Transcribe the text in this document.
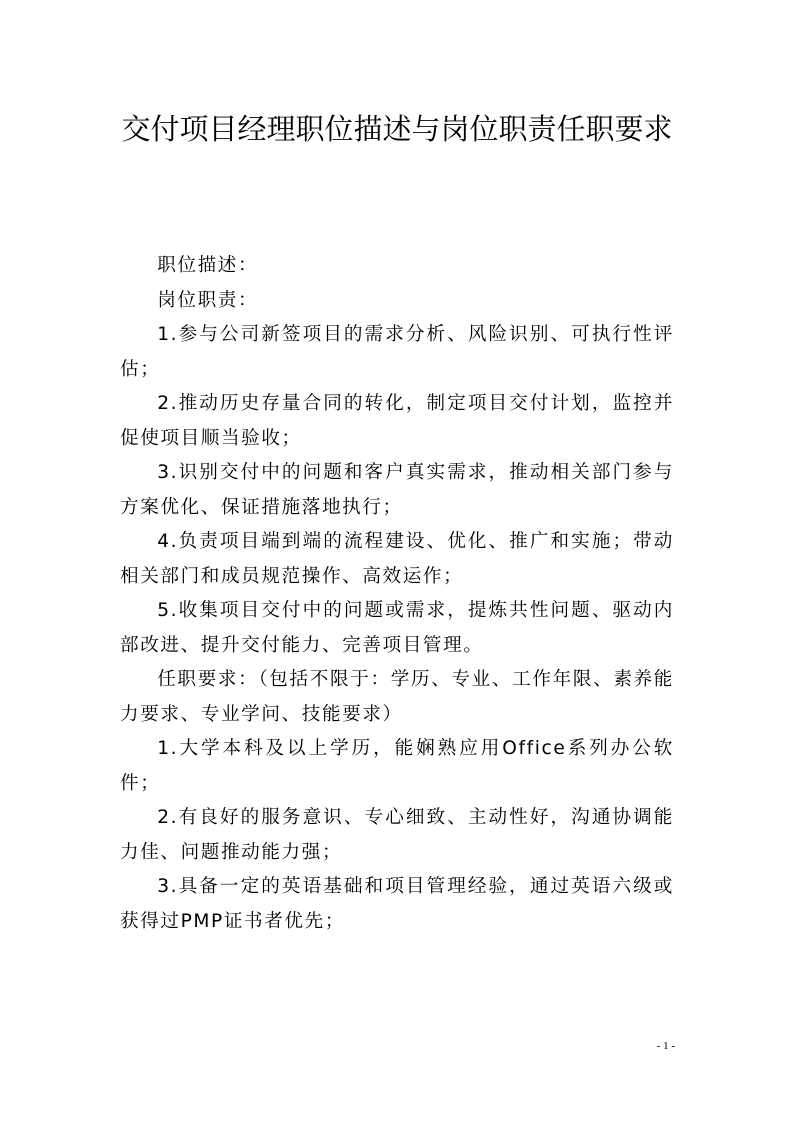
交付项目经理职位描述与岗位职责任职要求

职位描述：

岗位职责：

1.参与公司新签项目的需求分析、风险识别、可执行性评估；

2.推动历史存量合同的转化，制定项目交付计划，监控并促使项目顺当验收；

3.识别交付中的问题和客户真实需求，推动相关部门参与方案优化、保证措施落地执行；

4.负责项目端到端的流程建设、优化、推广和实施；带动相关部门和成员规范操作、高效运作；

5.收集项目交付中的问题或需求，提炼共性问题、驱动内部改进、提升交付能力、完善项目管理。

任职要求：（包括不限于：学历、专业、工作年限、素养能力要求、专业学问、技能要求）

1.大学本科及以上学历，能娴熟应用Office系列办公软件；

2.有良好的服务意识、专心细致、主动性好，沟通协调能力佳、问题推动能力强；

3.具备一定的英语基础和项目管理经验，通过英语六级或获得过PMP证书者优先；

- 1 -
